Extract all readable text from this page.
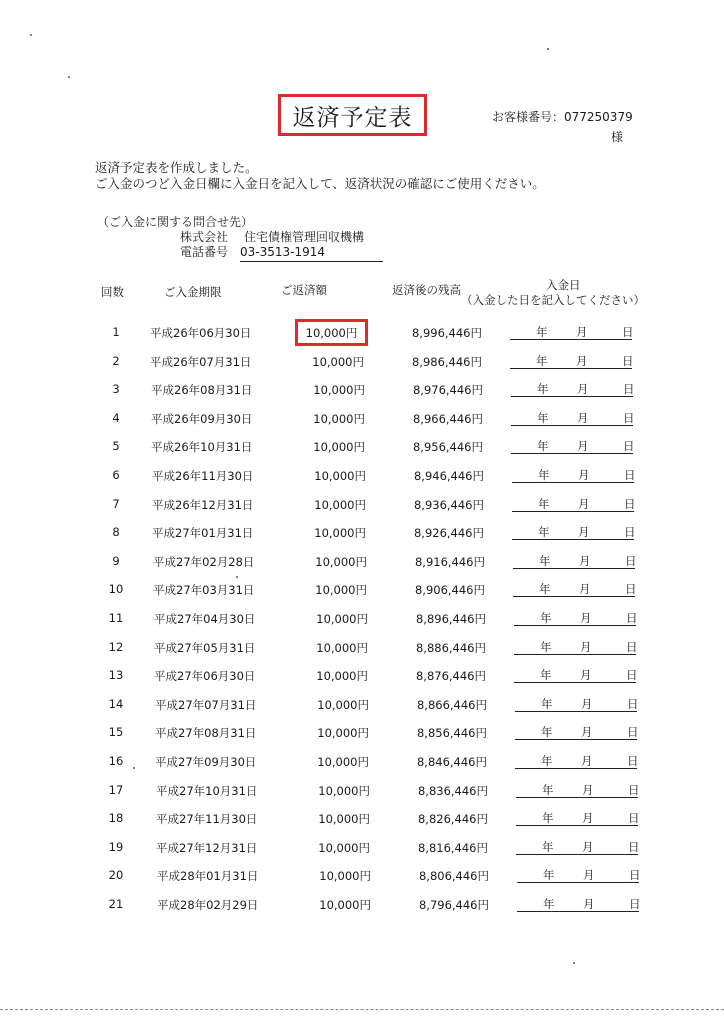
返済予定表	お客様番号：077250379
様
返済予定表を作成しました。
ご入金のつど入金日欄に入金日を記入して、返済状況の確認にご使用ください。
（ご入金に関する問合せ先）
株式会社 住宅債権管理回収機構
電話番号 03-3513-1914
回数	ご入金期限	ご返済額	返済後の残高	入金日
（入金した日を記入してください）
1	平成26年06月30日	10,000円	8,996,446円	年 月	日
2	平成26年07月31日	10,000円	8,986,446円	年 月	日
3	平成26年08月31日	10,000円	8,976,446円	年 月	日
4	平成26年09月30日	10,000円	8,966,446円	年 月	日
5	平成26年10月31日	10,000円	8,956,446円	年 月	日
6	平成26年11月30日	10,000円	8,946,446円	年 月	日
7	平成26年12月31日	10,000円	8,936,446円	年 月	日
8	平成27年01月31日	10,000円	8,926,446円	年 月	日
9	平成27年02月28日	10,000円	8,916,446円	年 月	日
10	平成27年03月31日	10,000円	8,906,446円	年 月	日
11	平成27年04月30日	10,000円	8,896,446円	年 月	日
12	平成27年05月31日	10,000円	8,886,446円	年 月	日
13	平成27年06月30日	10,000円	8,876,446円	年 月	日
14	平成27年07月31日	10,000円	8,866,446円	年 月	日
15	平成27年08月31日	10,000円	8,856,446円	年 月	日
16	平成27年09月30日	10,000円	8,846,446円	年 月	日
17	平成27年10月31日	10,000円	8,836,446円	年 月	日
18	平成27年11月30日	10,000円	8,826,446円	年 月	日
19	平成27年12月31日	10,000円	8,816,446円	年 月	日
20	平成28年01月31日	10,000円	8,806,446円	年 月	日
21	平成28年02月29日	10,000円	8,796,446円	年 月	日
